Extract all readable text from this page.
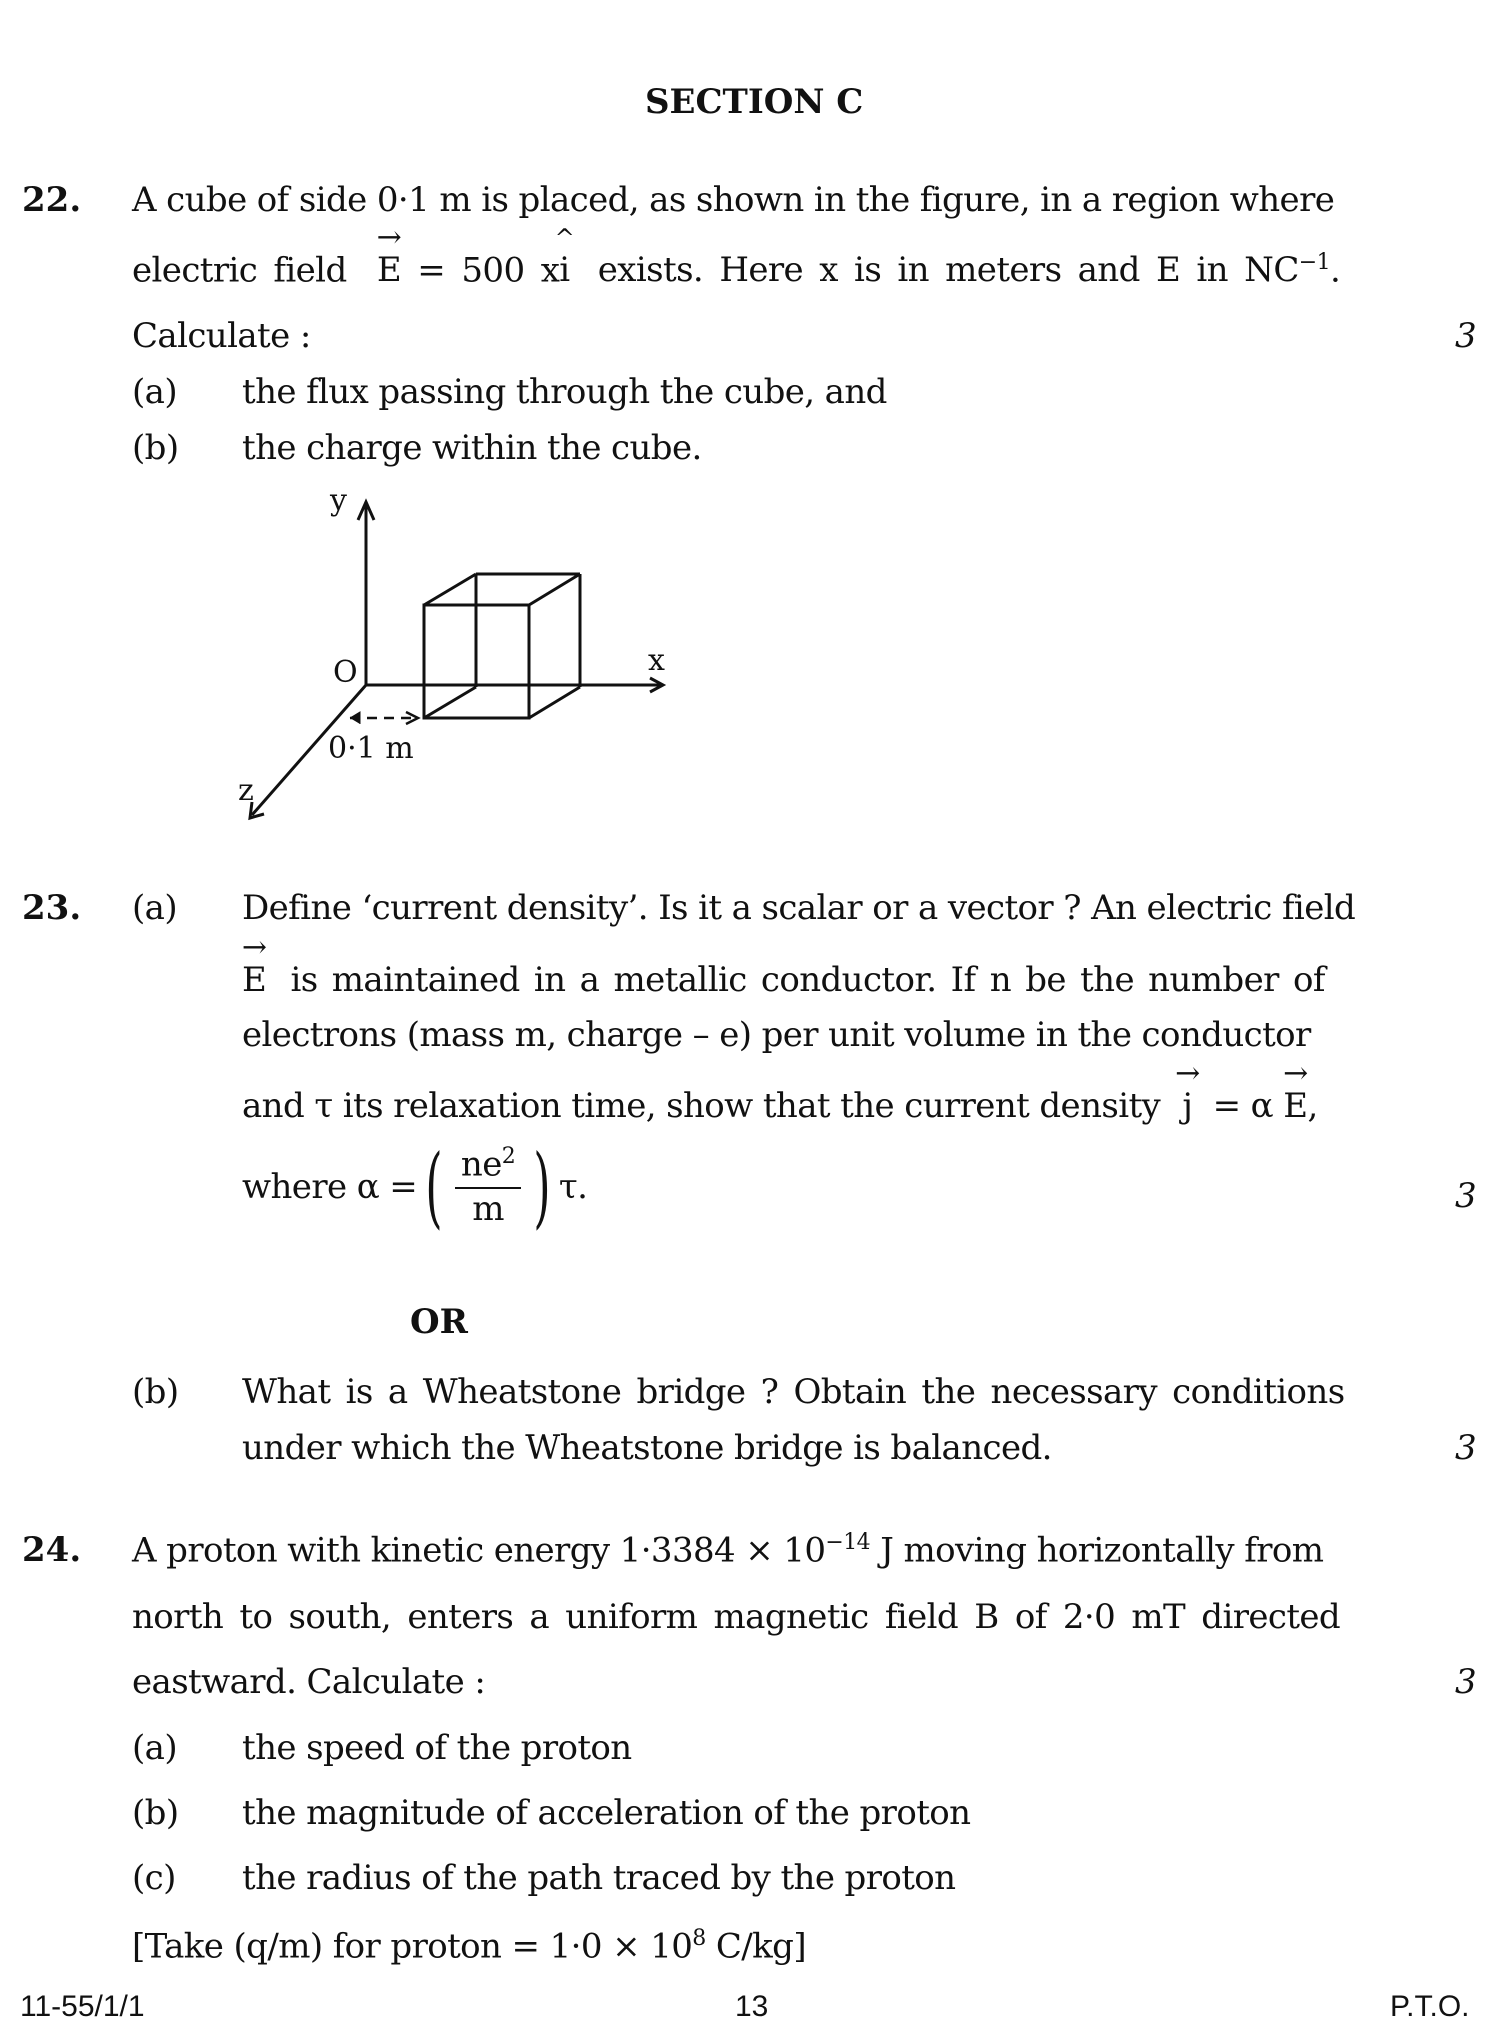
SECTION C
22. A cube of side 0·1 m is placed, as shown in the figure, in a region where
electric field → E = 500 x^ i exists. Here x is in meters and E in $NC^{-1}$.
Calculate :	3
(a) the flux passing through the cube, and
(b) the charge within the cube.
y
x
z
O
0·1 m
23. (a) Define ‘current density’. Is it a scalar or a vector ? An electric field
→ E is maintained in a metallic conductor. If n be the number of
electrons (mass m, charge – e) per unit volume in the conductor
and τ its relaxation time, show that the current density → j = α → E,
where α = ( $\frac{ne^2}{m}$ ) τ.	3
OR
(b) What is a Wheatstone bridge ? Obtain the necessary conditions
under which the Wheatstone bridge is balanced.	3
24. A proton with kinetic energy $1\cdot 3384 \times 10^{-14}$ J moving horizontally from
north to south, enters a uniform magnetic field B of 2·0 mT directed
eastward. Calculate :	3
(a) the speed of the proton
(b) the magnitude of acceleration of the proton
(c) the radius of the path traced by the proton
[Take (q/m) for proton = $1\cdot 0 \times 10^8$ C/kg]
11-55/1/1	13	P.T.O.
